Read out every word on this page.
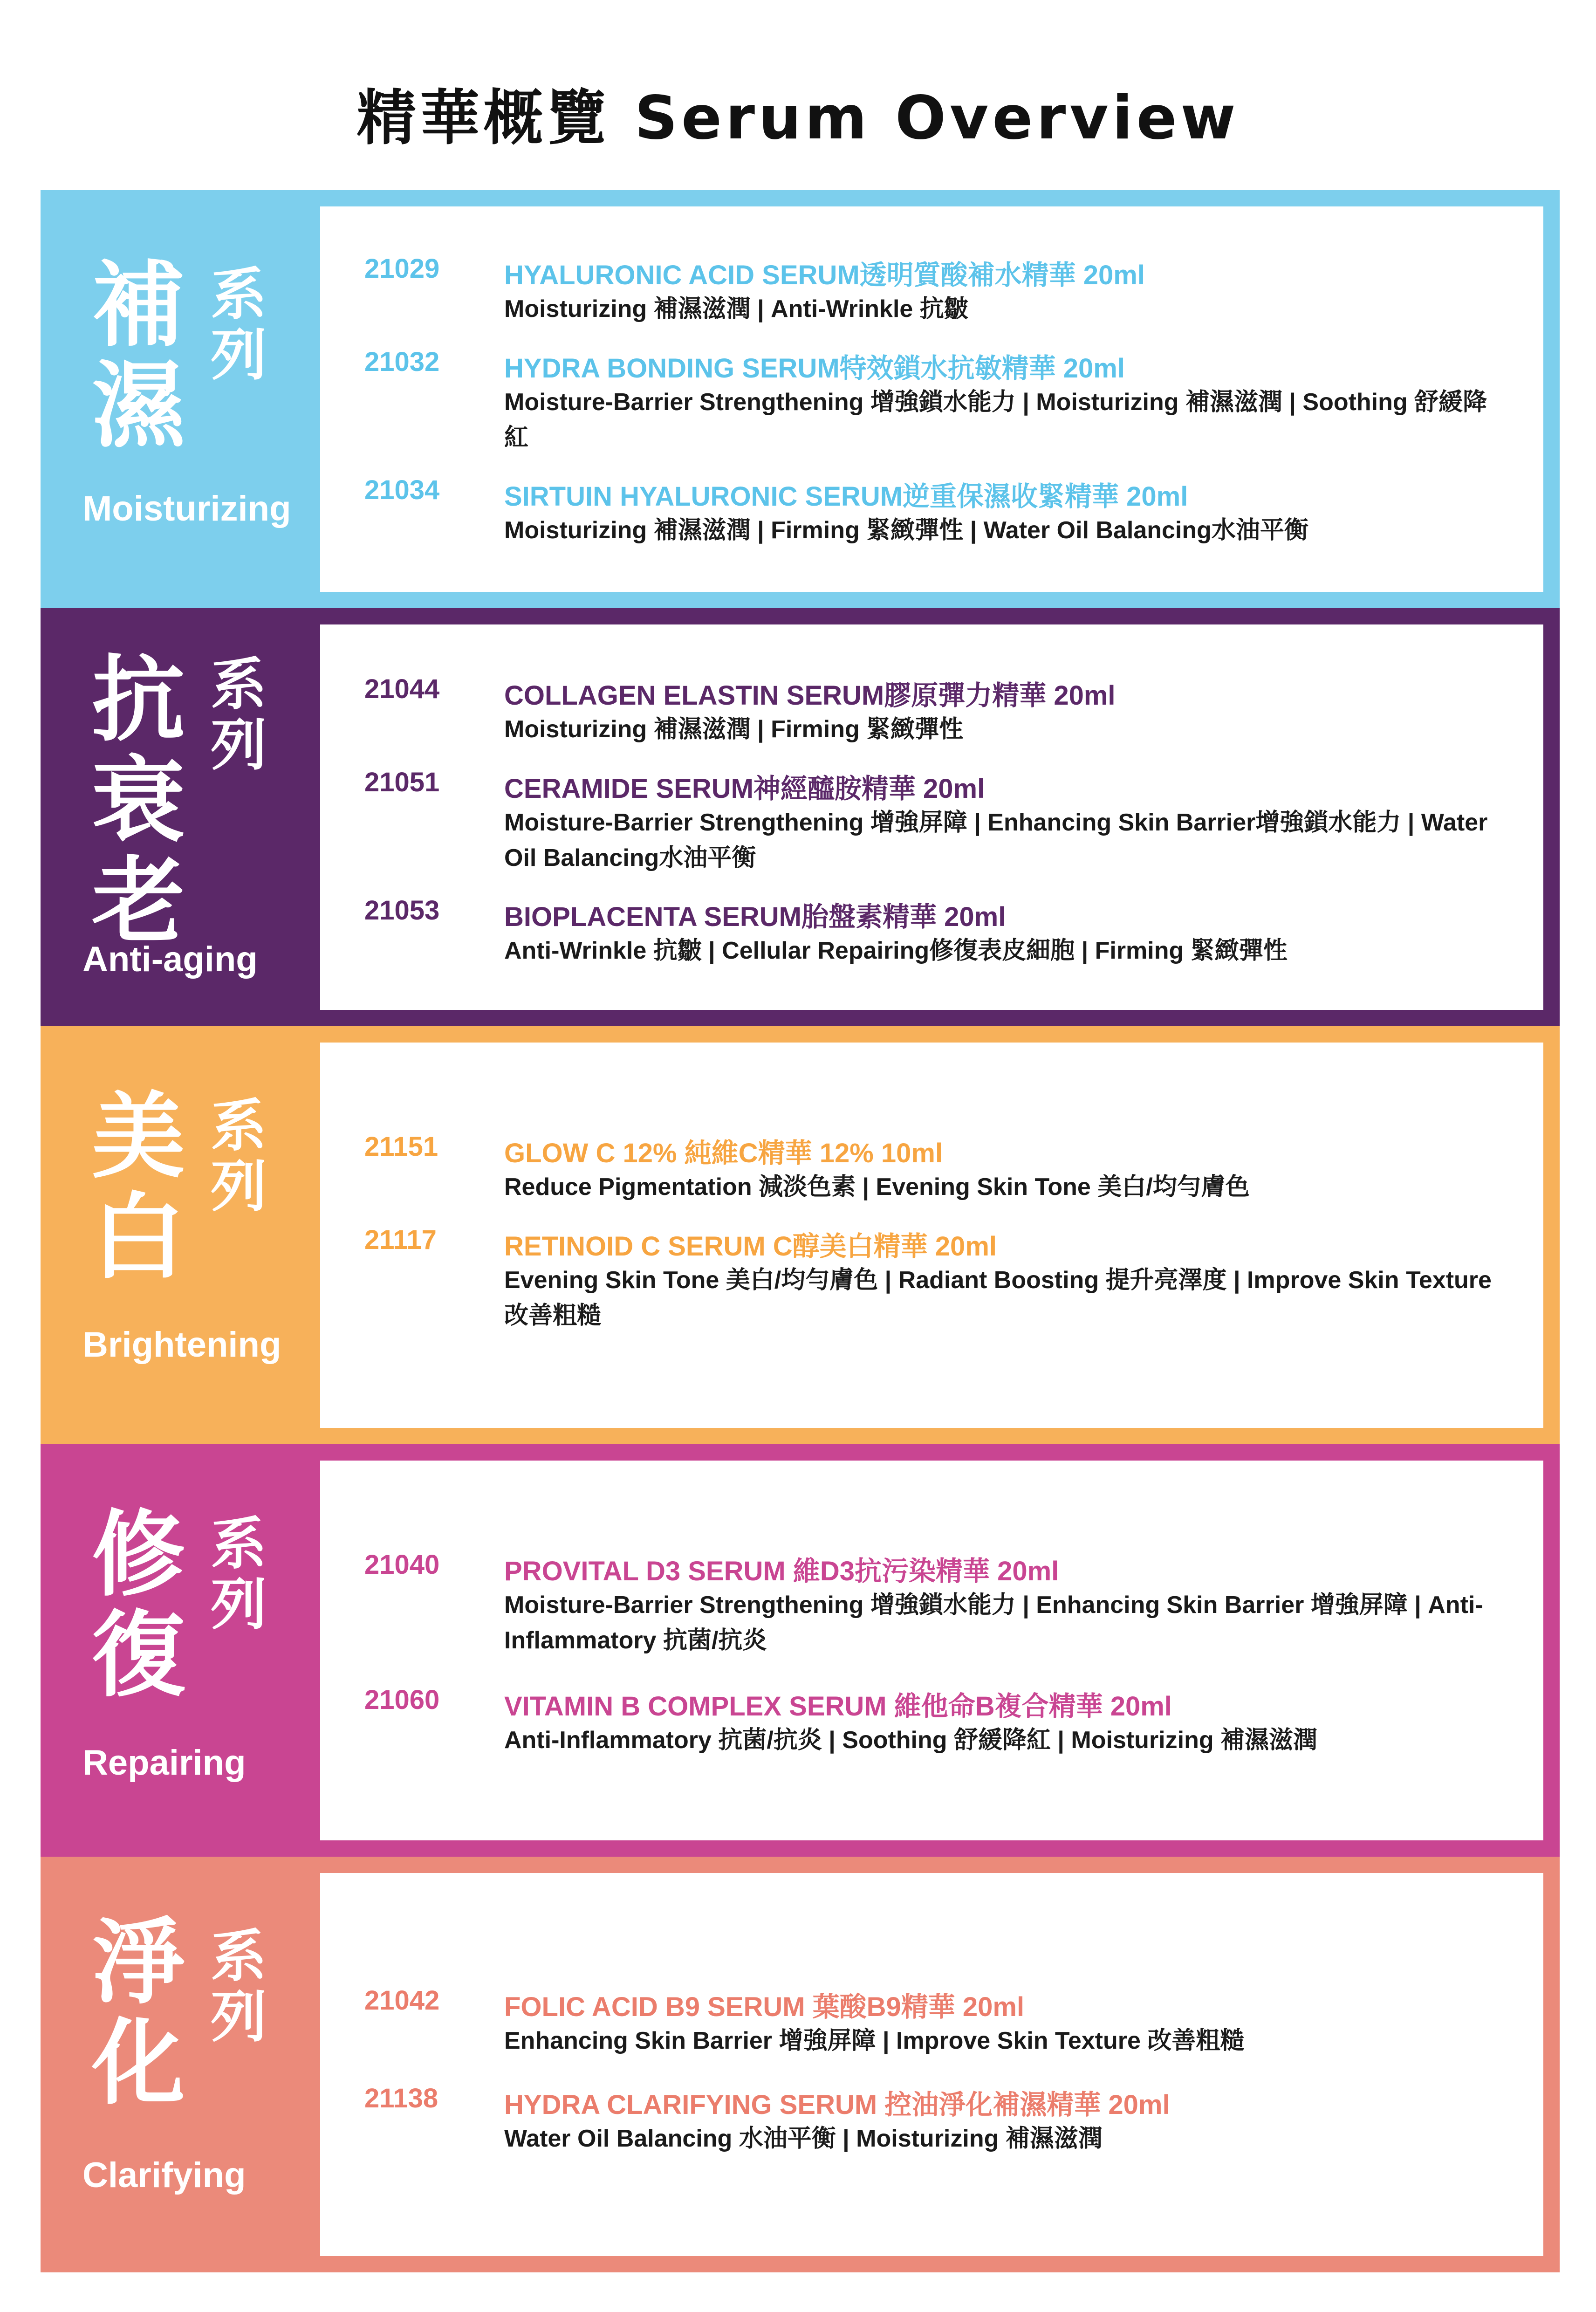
精華概覽 Serum Overview
補
濕
系
列
Moisturizing
21029 HYALURONIC ACID SERUM透明質酸補水精華 20ml
Moisturizing 補濕滋潤 | Anti-Wrinkle 抗皺
21032 HYDRA BONDING SERUM特效鎖水抗敏精華 20ml
Moisture-Barrier Strengthening 增強鎖水能力 | Moisturizing 補濕滋潤 | Soothing 舒緩降紅
21034 SIRTUIN HYALURONIC SERUM逆重保濕收緊精華 20ml
Moisturizing 補濕滋潤 | Firming 緊緻彈性 | Water Oil Balancing水油平衡
抗
衰
老
系
列
Anti-aging
21044 COLLAGEN ELASTIN SERUM膠原彈力精華 20ml
Moisturizing 補濕滋潤 | Firming 緊緻彈性
21051 CERAMIDE SERUM神經醯胺精華 20ml
Moisture-Barrier Strengthening 增強屏障 | Enhancing Skin Barrier增強鎖水能力 | Water Oil Balancing水油平衡
21053 BIOPLACENTA SERUM胎盤素精華 20ml
Anti-Wrinkle 抗皺 | Cellular Repairing修復表皮細胞 | Firming 緊緻彈性
美
白
系
列
Brightening
21151 GLOW C 12% 純維C精華 12% 10ml
Reduce Pigmentation 減淡色素 | Evening Skin Tone 美白/均勻膚色
21117	RETINOID C SERUM C醇美白精華 20ml
Evening Skin Tone 美白/均勻膚色 | Radiant Boosting 提升亮澤度 | Improve Skin Texture 改善粗糙
修
復
系
列
Repairing
21040 PROVITAL D3 SERUM 維D3抗污染精華 20ml
Moisture-Barrier Strengthening 增強鎖水能力 | Enhancing Skin Barrier 增強屏障 | Anti-Inflammatory 抗菌/抗炎
21060 VITAMIN B COMPLEX SERUM 維他命B複合精華 20ml
Anti-Inflammatory 抗菌/抗炎 | Soothing 舒緩降紅 | Moisturizing 補濕滋潤
淨
化
系
列
Clarifying
21042 FOLIC ACID B9 SERUM 葉酸B9精華 20ml
Enhancing Skin Barrier 增強屏障 | Improve Skin Texture 改善粗糙
21138 HYDRA CLARIFYING SERUM 控油淨化補濕精華 20ml
Water Oil Balancing 水油平衡 | Moisturizing 補濕滋潤
